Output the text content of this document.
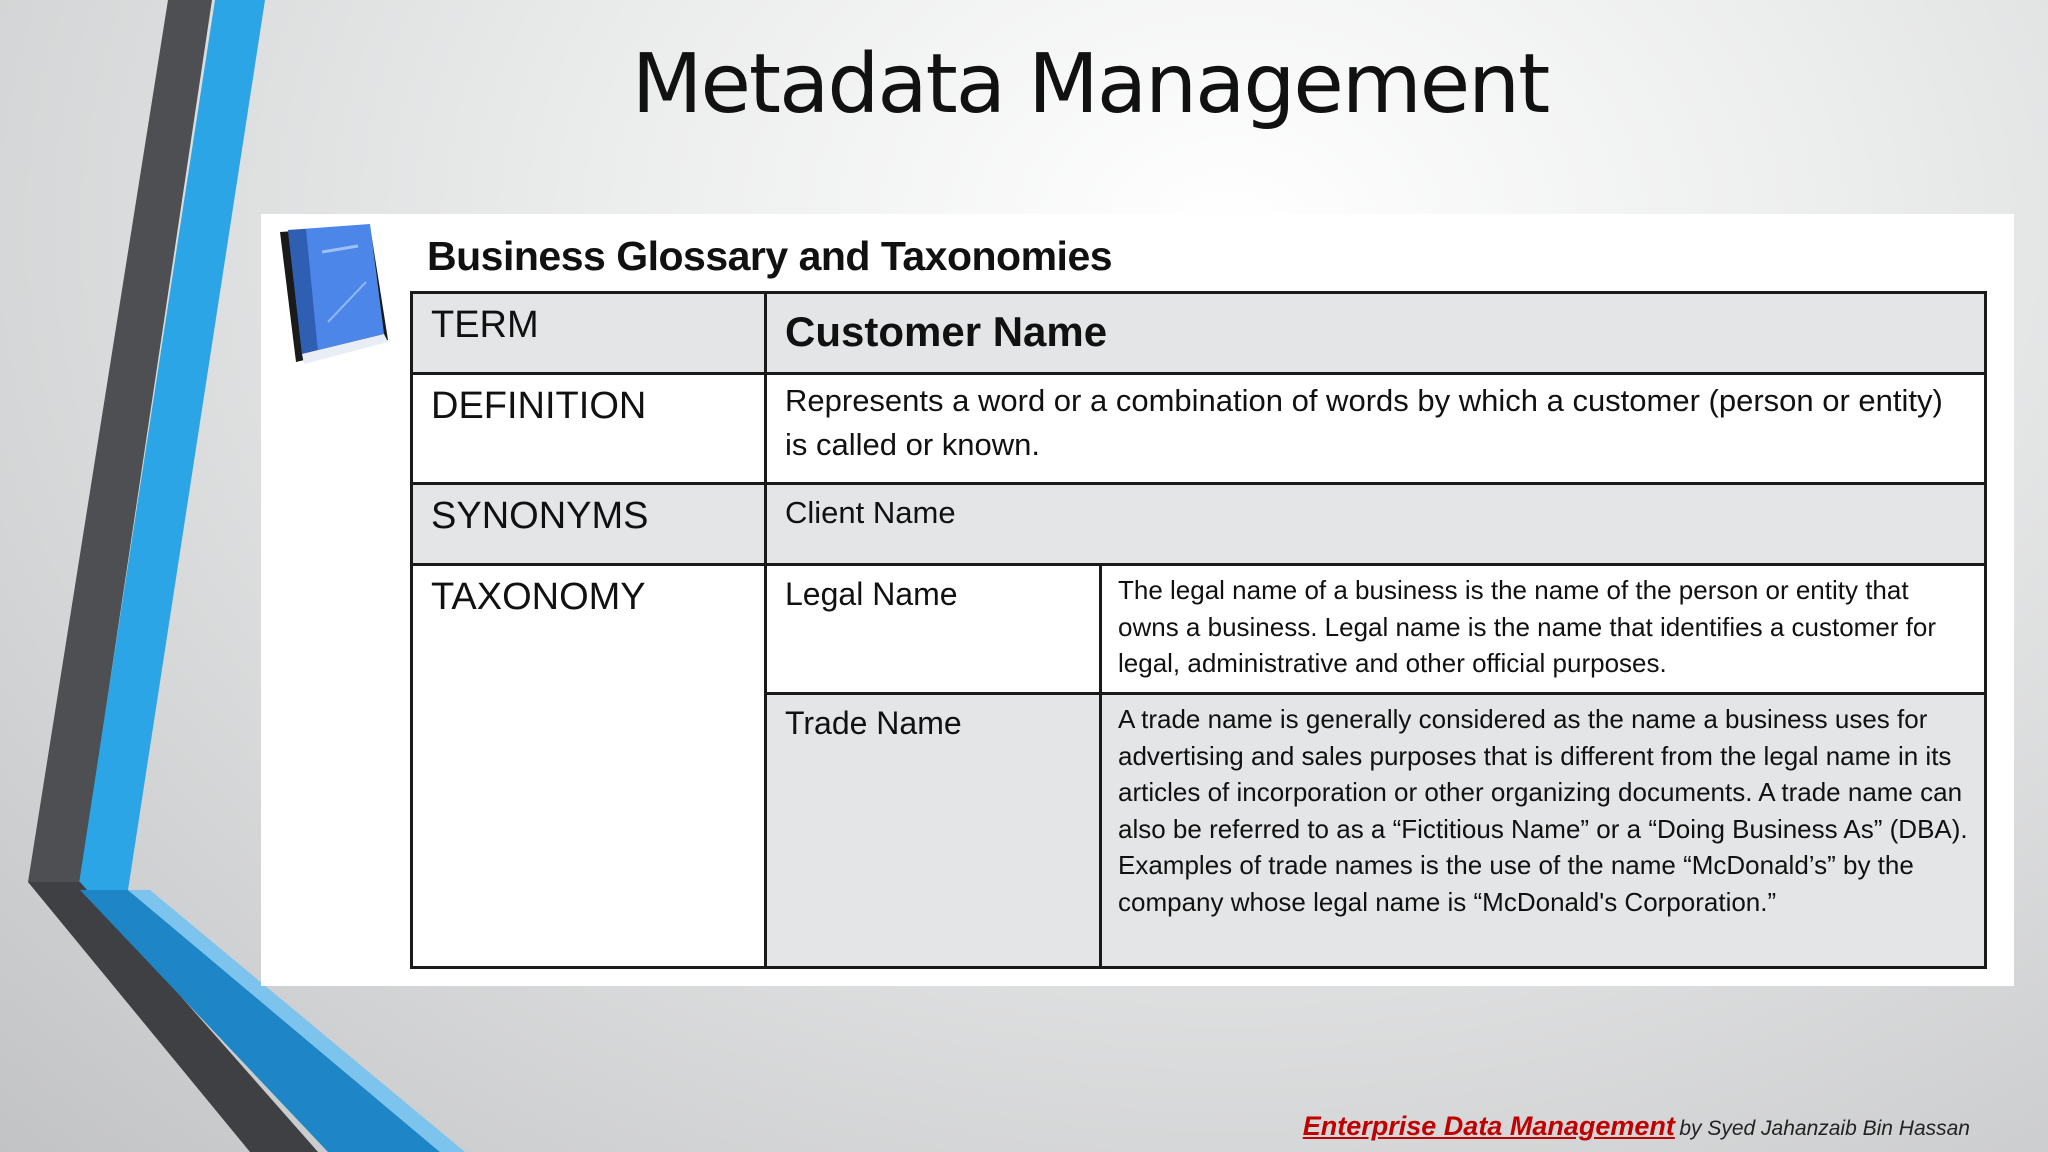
Metadata Management
Business Glossary and Taxonomies
TERM	Customer Name	
DEFINITION	Represents a word or a combination of words by which a customer (person or entity) is called or known.	
SYNONYMS	Client Name	
TAXONOMY	Legal Name	The legal name of a business is the name of the person or entity that owns a business. Legal name is the name that identifies a customer for legal, administrative and other official purposes.
	Trade Name	A trade name is generally considered as the name a business uses for advertising and sales purposes that is different from the legal name in its articles of incorporation or other organizing documents. A trade name can also be referred to as a “Fictitious Name” or a “Doing Business As” (DBA). Examples of trade names is the use of the name “McDonald’s” by the company whose legal name is “McDonald's Corporation.”
Enterprise Data Management by Syed Jahanzaib Bin Hassan
